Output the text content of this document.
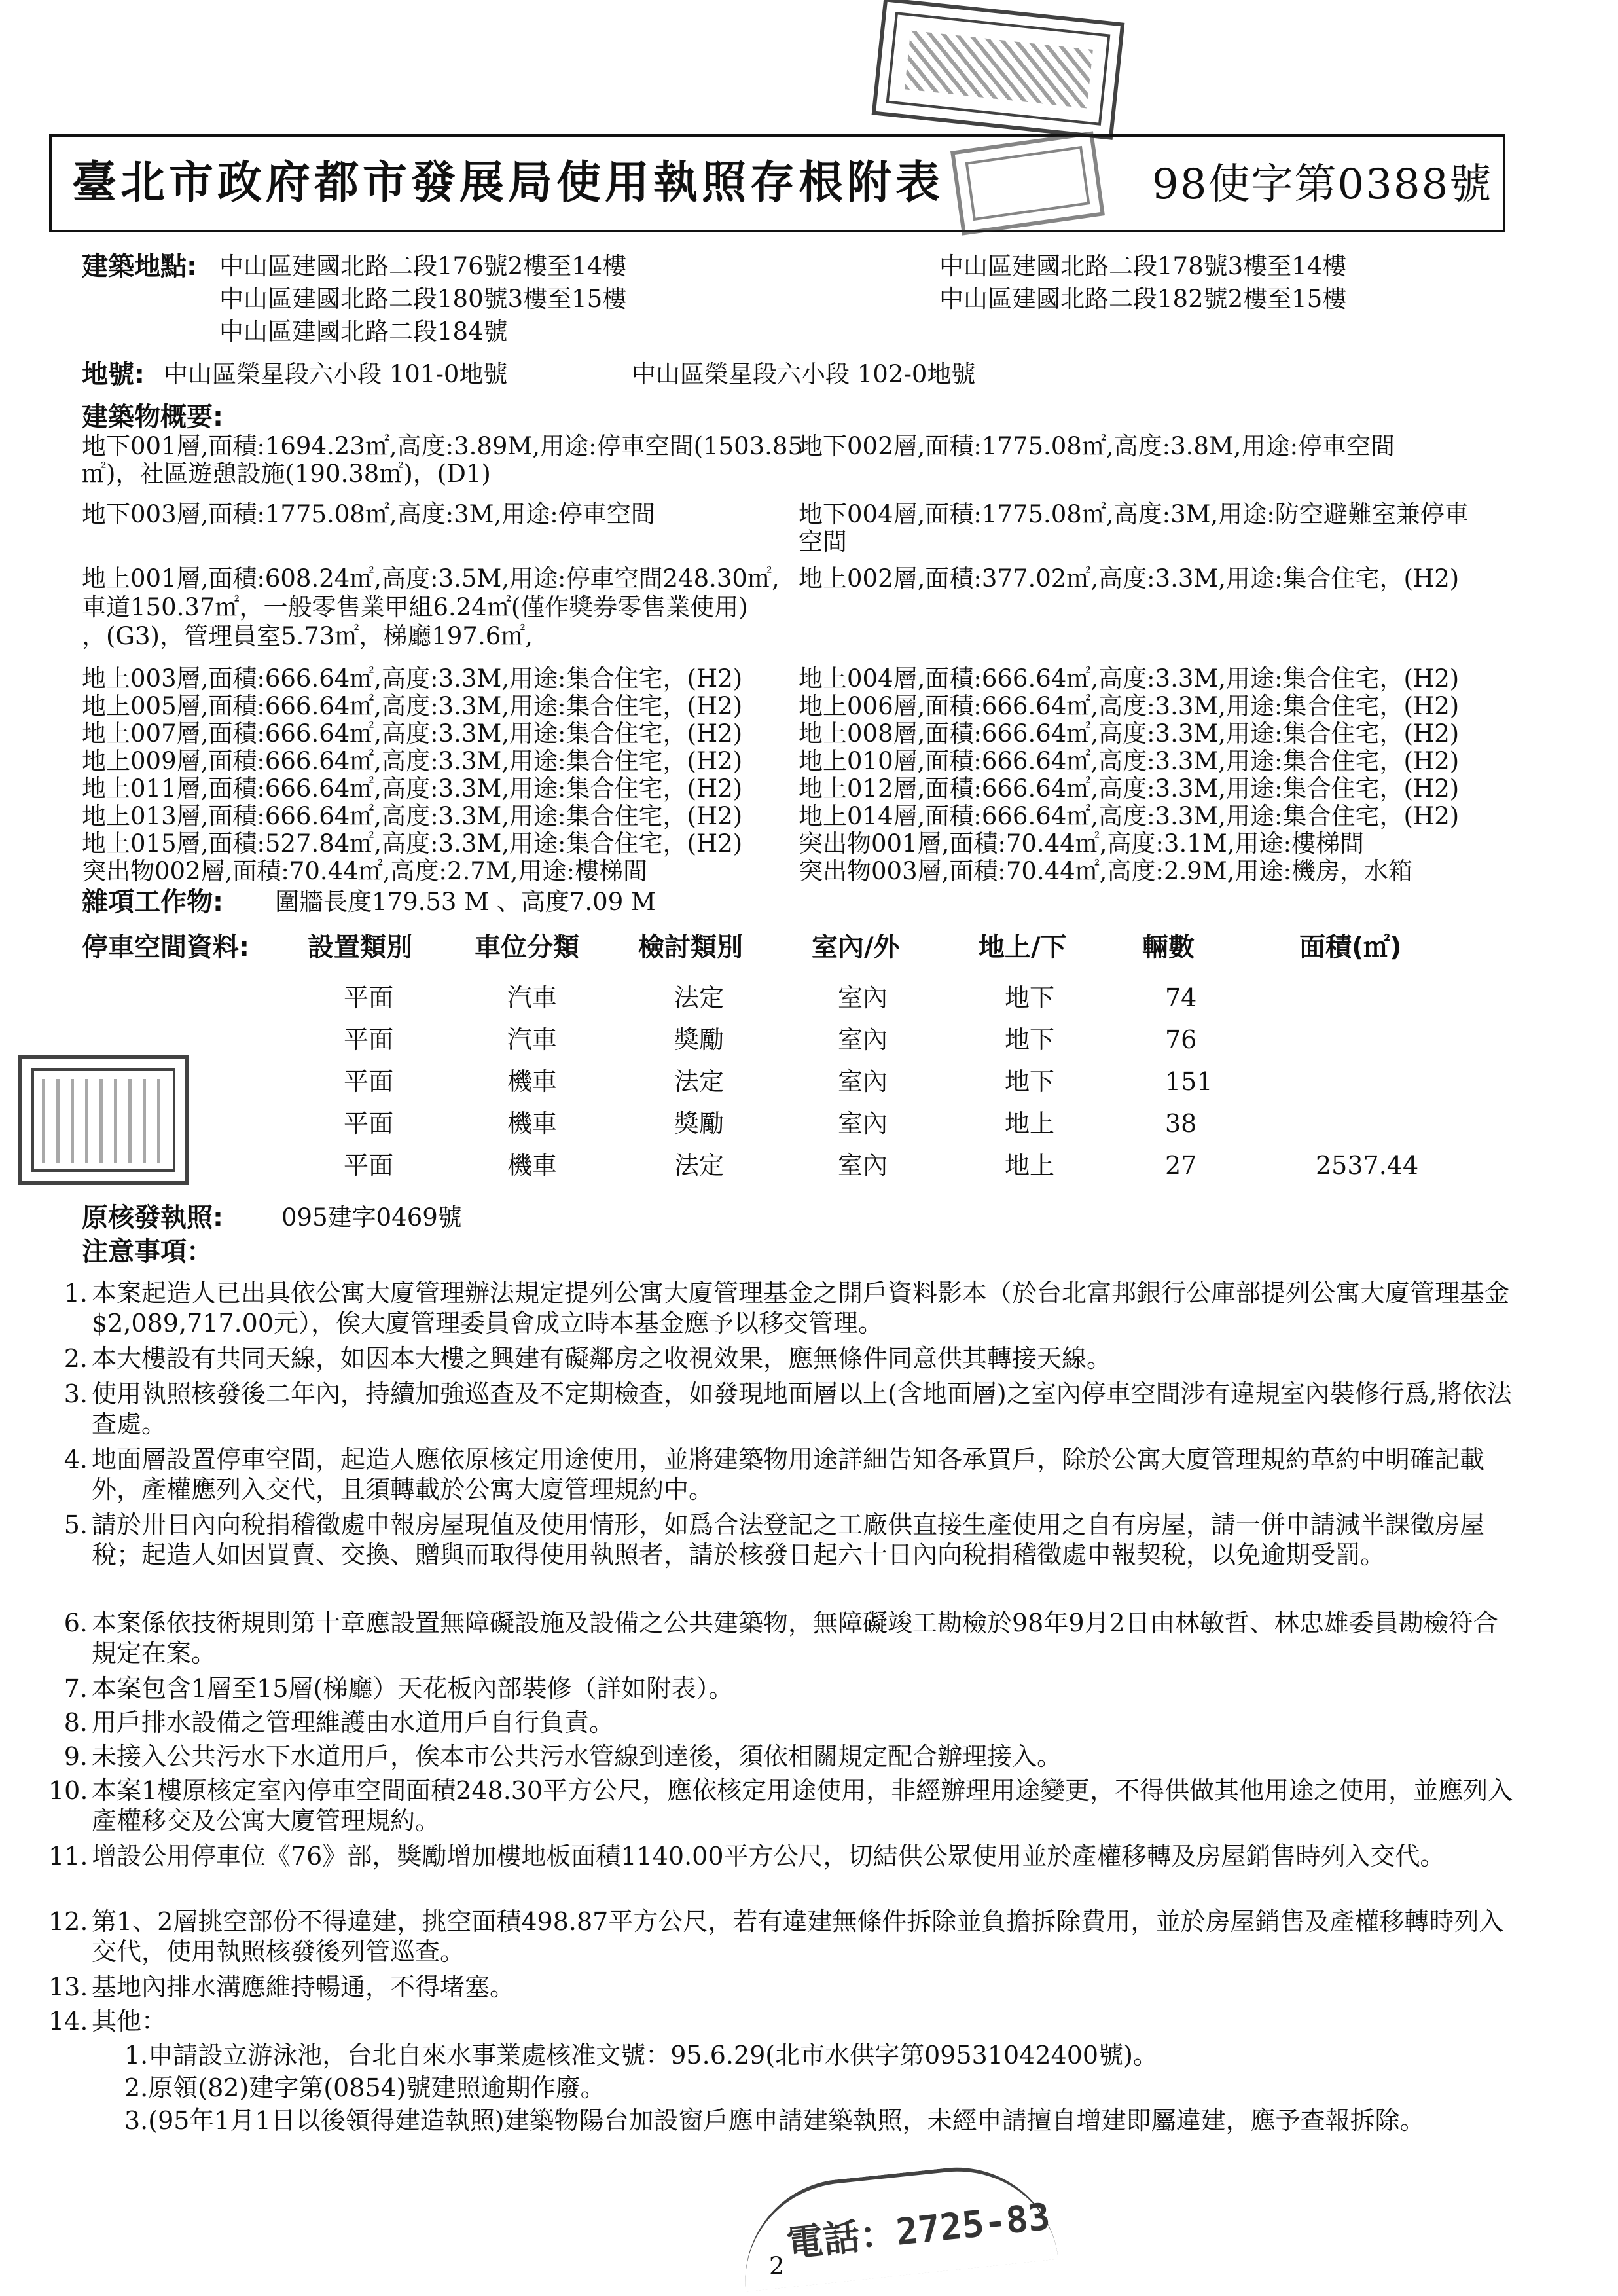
臺北市政府都市發展局使用執照存根附表	98使字第0388號
建築地點: 中山區建國北路二段176號2樓至14樓	中山區建國北路二段178號3樓至14樓
中山區建國北路二段180號3樓至15樓	中山區建國北路二段182號2樓至15樓
中山區建國北路二段184號
地號: 中山區榮星段六小段 101-0地號	中山區榮星段六小段 102-0地號
建築物概要:
地下001層,面積:1694.23㎡,高度:3.89M,用途:停車空間(1503.85
地下002層,面積:1775.08㎡,高度:3.8M,用途:停車空間
㎡)，社區遊憩設施(190.38㎡)，(D1)
地下003層,面積:1775.08㎡,高度:3M,用途:停車空間	地下004層,面積:1775.08㎡,高度:3M,用途:防空避難室兼停車
空間
地上001層,面積:608.24㎡,高度:3.5M,用途:停車空間248.30㎡, 地上002層,面積:377.02㎡,高度:3.3M,用途:集合住宅，(H2)
車道150.37㎡，一般零售業甲組6.24㎡(僅作獎券零售業使用)
，(G3)，管理員室5.73㎡，梯廳197.6㎡,
地上003層,面積:666.64㎡,高度:3.3M,用途:集合住宅，(H2) 地上004層,面積:666.64㎡,高度:3.3M,用途:集合住宅，(H2)
地上005層,面積:666.64㎡,高度:3.3M,用途:集合住宅，(H2) 地上006層,面積:666.64㎡,高度:3.3M,用途:集合住宅，(H2)
地上007層,面積:666.64㎡,高度:3.3M,用途:集合住宅，(H2) 地上008層,面積:666.64㎡,高度:3.3M,用途:集合住宅，(H2)
地上009層,面積:666.64㎡,高度:3.3M,用途:集合住宅，(H2) 地上010層,面積:666.64㎡,高度:3.3M,用途:集合住宅，(H2)
地上011層,面積:666.64㎡,高度:3.3M,用途:集合住宅，(H2) 地上012層,面積:666.64㎡,高度:3.3M,用途:集合住宅，(H2)
地上013層,面積:666.64㎡,高度:3.3M,用途:集合住宅，(H2) 地上014層,面積:666.64㎡,高度:3.3M,用途:集合住宅，(H2)
地上015層,面積:527.84㎡,高度:3.3M,用途:集合住宅，(H2) 突出物001層,面積:70.44㎡,高度:3.1M,用途:樓梯間
突出物002層,面積:70.44㎡,高度:2.7M,用途:樓梯間	突出物003層,面積:70.44㎡,高度:2.9M,用途:機房，水箱
雜項工作物: 圍牆長度179.53 M 、高度7.09 M
停車空間資料: 設置類別 車位分類 檢討類別	室內/外	地上/下	輛數	面積(㎡)
平面	汽車	法定	室內	地下	74
平面	汽車	獎勵	室內	地下	76
平面	機車	法定	室內	地下	151
平面	機車	獎勵	室內	地上	38
平面	機車	法定	室內	地上	27	2537.44
原核發執照: 095建字0469號
注意事項：
1. 本案起造人已出具依公寓大廈管理辦法規定提列公寓大廈管理基金之開戶資料影本（於台北富邦銀行公庫部提列公寓大廈管理基金$2,089,717.00元），俟大廈管理委員會成立時本基金應予以移交管理。
2. 本大樓設有共同天線，如因本大樓之興建有礙鄰房之收視效果，應無條件同意供其轉接天線。
3. 使用執照核發後二年內，持續加強巡查及不定期檢查，如發現地面層以上(含地面層)之室內停車空間涉有違規室內裝修行爲,將依法查處。
4. 地面層設置停車空間，起造人應依原核定用途使用，並將建築物用途詳細告知各承買戶，除於公寓大廈管理規約草約中明確記載外，產權應列入交代，且須轉載於公寓大廈管理規約中。
5. 請於卅日內向稅捐稽徵處申報房屋現值及使用情形，如爲合法登記之工廠供直接生產使用之自有房屋，請一併申請減半課徵房屋稅；起造人如因買賣、交換、贈與而取得使用執照者，請於核發日起六十日內向稅捐稽徵處申報契稅，以免逾期受罰。
6. 本案係依技術規則第十章應設置無障礙設施及設備之公共建築物，無障礙竣工勘檢於98年9月2日由林敏哲、林忠雄委員勘檢符合規定在案。
7. 本案包含1層至15層(梯廳）天花板內部裝修（詳如附表）。
8. 用戶排水設備之管理維護由水道用戶自行負責。
9. 未接入公共污水下水道用戶，俟本市公共污水管線到達後，須依相關規定配合辦理接入。
10. 本案1樓原核定室內停車空間面積248.30平方公尺，應依核定用途使用，非經辦理用途變更，不得供做其他用途之使用，並應列入產權移交及公寓大廈管理規約。
11. 增設公用停車位《76》部，獎勵增加樓地板面積1140.00平方公尺，切結供公眾使用並於產權移轉及房屋銷售時列入交代。
12. 第1、2層挑空部份不得違建，挑空面積498.87平方公尺，若有違建無條件拆除並負擔拆除費用，並於房屋銷售及產權移轉時列入交代，使用執照核發後列管巡查。
13. 基地內排水溝應維持暢通，不得堵塞。
14. 其他：
1.申請設立游泳池，台北自來水事業處核准文號：95.6.29(北市水供字第09531042400號)。
2.原領(82)建字第(0854)號建照逾期作廢。
3.(95年1月1日以後領得建造執照)建築物陽台加設窗戶應申請建築執照，未經申請擅自增建即屬違建，應予查報拆除。
電話：2725-83
2
